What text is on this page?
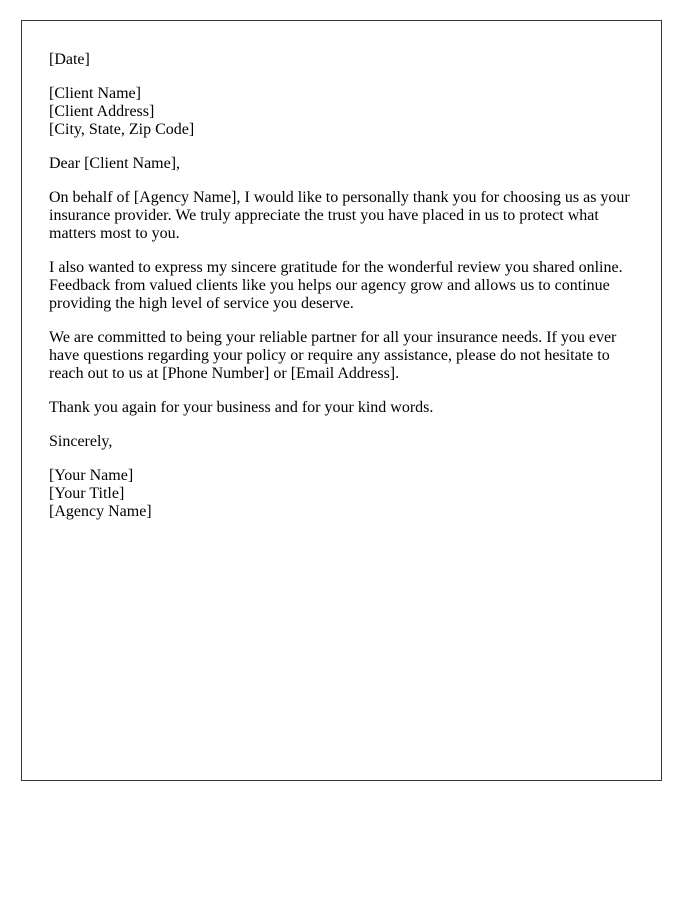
[Date]

[Client Name]
[Client Address]
[City, State, Zip Code]

Dear [Client Name],

On behalf of [Agency Name], I would like to personally thank you for choosing us as your insurance provider. We truly appreciate the trust you have placed in us to protect what matters most to you.

I also wanted to express my sincere gratitude for the wonderful review you shared online. Feedback from valued clients like you helps our agency grow and allows us to continue providing the high level of service you deserve.

We are committed to being your reliable partner for all your insurance needs. If you ever have questions regarding your policy or require any assistance, please do not hesitate to reach out to us at [Phone Number] or [Email Address].

Thank you again for your business and for your kind words.

Sincerely,

[Your Name]
[Your Title]
[Agency Name]
